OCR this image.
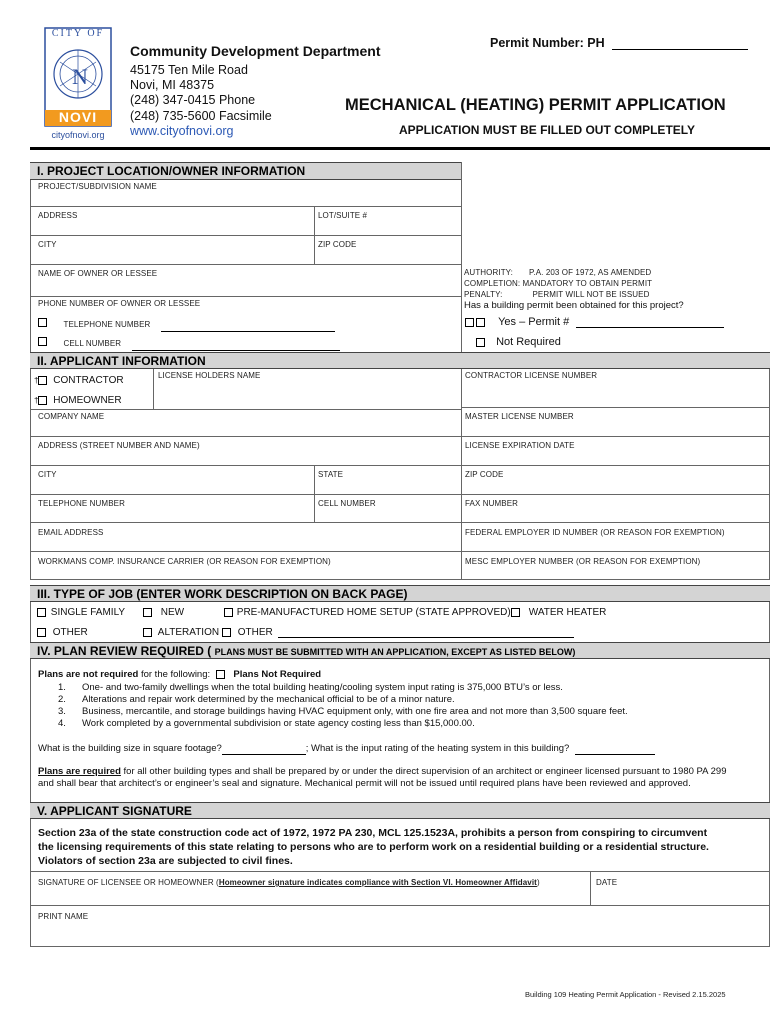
N
CITY OF
NOVI
cityofnovi.org
Community Development Department
45175 Ten Mile Road
Novi, MI 48375
(248) 347-0415 Phone
(248) 735-5600 Facsimile
www.cityofnovi.org
Permit Number: PH
MECHANICAL (HEATING) PERMIT APPLICATION
APPLICATION MUST BE FILLED OUT COMPLETELY
I. PROJECT LOCATION/OWNER INFORMATION
PROJECT/SUBDIVISION NAME
ADDRESS	LOT/SUITE #
CITY	ZIP CODE
NAME OF OWNER OR LESSEE
PHONE NUMBER OF OWNER OR LESSEE
TELEPHONE NUMBER
CELL NUMBER
AUTHORITY: P.A. 203 OF 1972, AS AMENDED
COMPLETION: MANDATORY TO OBTAIN PERMIT
PENALTY:	PERMIT WILL NOT BE ISSUED
Has a building permit been obtained for this project?
Yes – Permit #
Not Required
II. APPLICANT INFORMATION
† CONTRACTOR
† HOMEOWNER
LICENSE HOLDERS NAME	CONTRACTOR LICENSE NUMBER
COMPANY NAME	MASTER LICENSE NUMBER
ADDRESS (STREET NUMBER AND NAME)	LICENSE EXPIRATION DATE
CITY	STATE	ZIP CODE
TELEPHONE NUMBER	CELL NUMBER	FAX NUMBER
EMAIL ADDRESS	FEDERAL EMPLOYER ID NUMBER (OR REASON FOR EXEMPTION)
WORKMANS COMP. INSURANCE CARRIER (OR REASON FOR EXEMPTION)	MESC EMPLOYER NUMBER (OR REASON FOR EXEMPTION)
III. TYPE OF JOB (ENTER WORK DESCRIPTION ON BACK PAGE)
SINGLE FAMILY	NEW	PRE-MANUFACTURED HOME SETUP (STATE APPROVED)	WATER HEATER
OTHER	ALTERATION	OTHER
IV. PLAN REVIEW REQUIRED ( PLANS MUST BE SUBMITTED WITH AN APPLICATION, EXCEPT AS LISTED BELOW)
Plans are not required for the following: Plans Not Required
1. One- and two-family dwellings when the total building heating/cooling system input rating is 375,000 BTU’s or less.
2. Alterations and repair work determined by the mechanical official to be of a minor nature.
3. Business, mercantile, and storage buildings having HVAC equipment only, with one fire area and not more than 3,500 square feet.
4. Work completed by a governmental subdivision or state agency costing less than $15,000.00.
What is the building size in square footage?	; What is the input rating of the heating system in this building?
Plans are required for all other building types and shall be prepared by or under the direct supervision of an architect or engineer licensed pursuant to 1980 PA 299 and shall bear that architect’s or engineer’s seal and signature. Mechanical permit will not be issued until required plans have been reviewed and approved.
V. APPLICANT SIGNATURE
Section 23a of the state construction code act of 1972, 1972 PA 230, MCL 125.1523A, prohibits a person from conspiring to circumvent the licensing requirements of this state relating to persons who are to perform work on a residential building or a residential structure. Violators of section 23a are subjected to civil fines.
SIGNATURE OF LICENSEE OR HOMEOWNER (Homeowner signature indicates compliance with Section VI. Homeowner Affidavit)	DATE
PRINT NAME
Building 109 Heating Permit Application - Revised 2.15.2025
